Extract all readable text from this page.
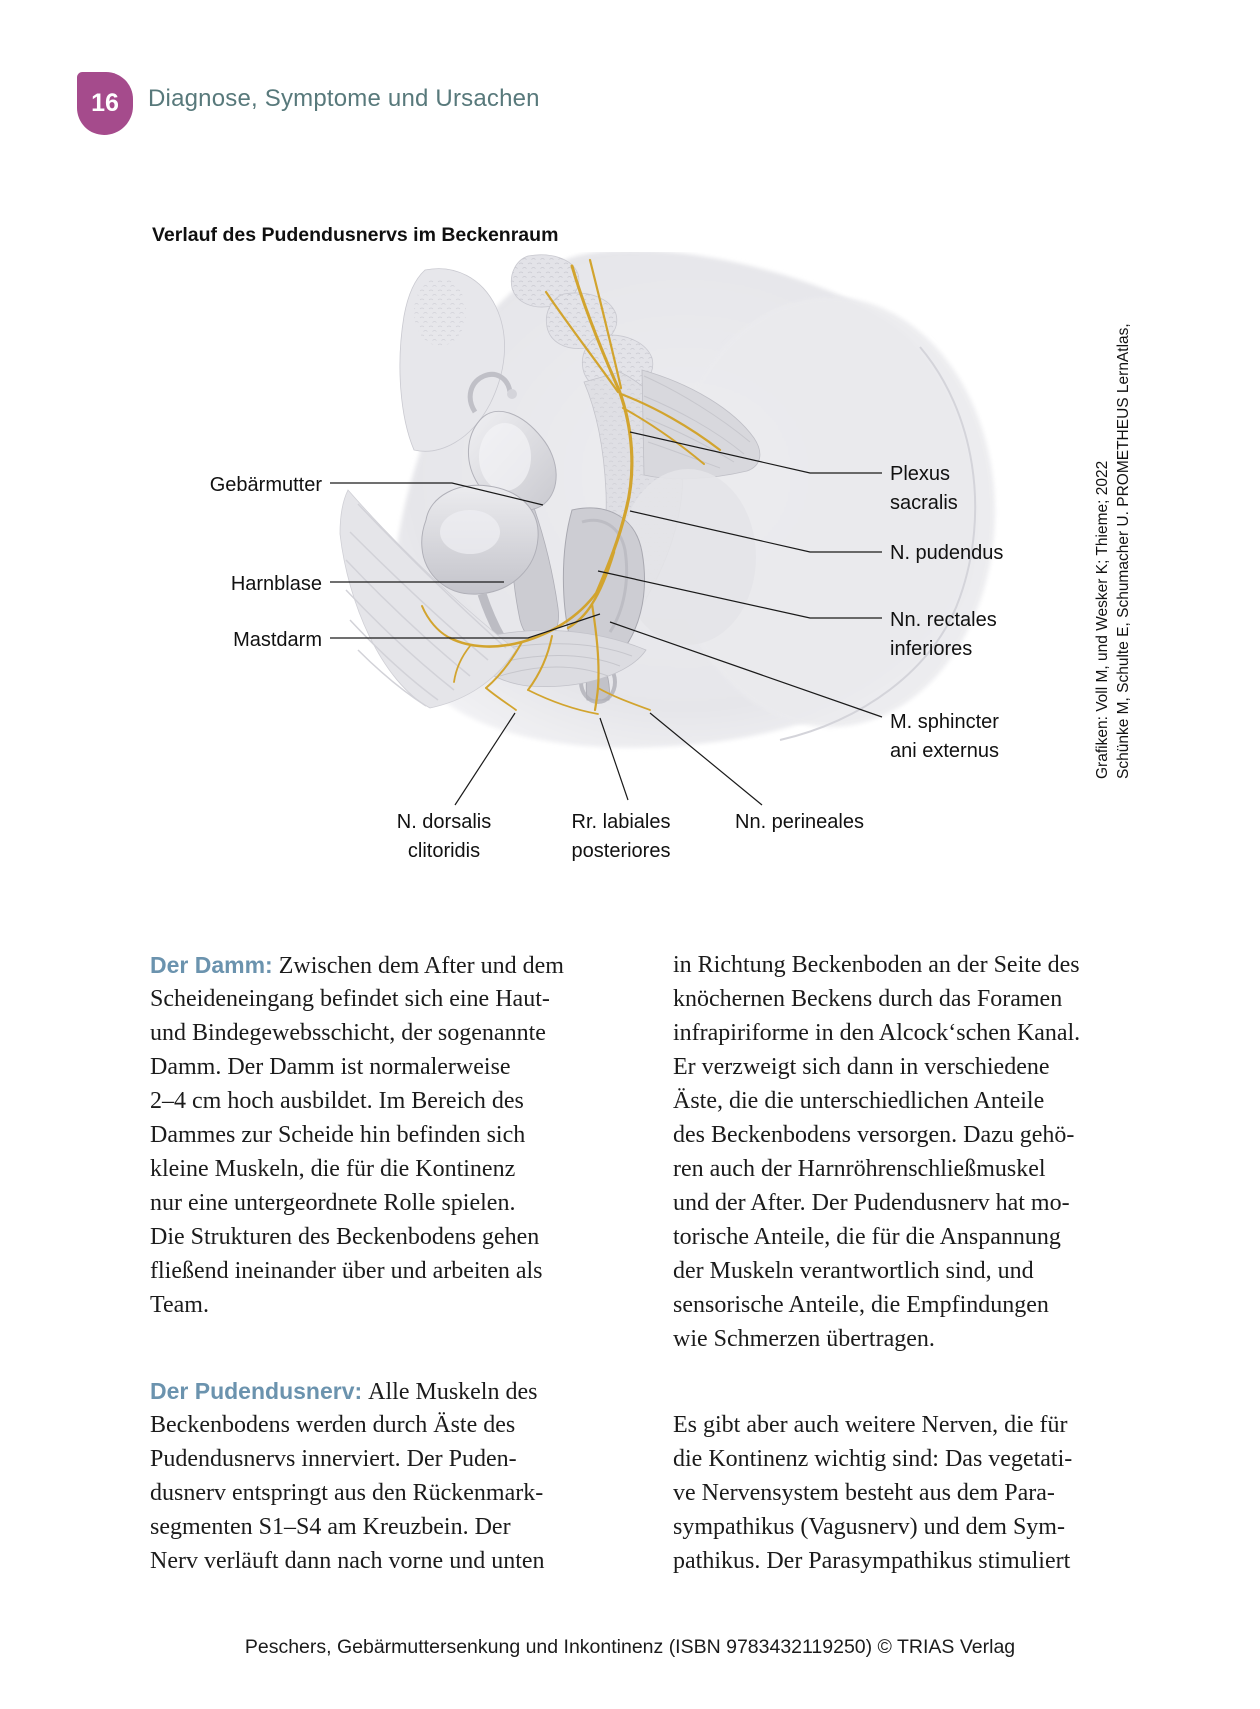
16 Diagnose, Symptome und Ursachen
Verlauf des Pudendusnervs im Beckenraum
Gebärmutter
Harnblase
Mastdarm
Plexus
sacralis
N. pudendus
Nn. rectales
inferiores
M. sphincter
ani externus
N. dorsalis
clitoridis
Rr. labiales
posteriores
Nn. perineales
Grafiken: Voll M, und Wesker K; Thieme; 2022 Schünke M, Schulte E, Schumacher U. PROMETHEUS LernAtlas,
Der Damm: Zwischen dem After und dem
Scheideneingang befindet sich eine Haut-
und Bindegewebsschicht, der sogenannte
Damm. Der Damm ist normalerweise
2–4 cm hoch ausbildet. Im Bereich des
Dammes zur Scheide hin befinden sich
kleine Muskeln, die für die Kontinenz
nur eine untergeordnete Rolle spielen.
Die Strukturen des Beckenbodens gehen
fließend ineinander über und arbeiten als
Team.
Der Pudendusnerv: Alle Muskeln des
Beckenbodens werden durch Äste des
Pudendusnervs innerviert. Der Puden-
dusnerv entspringt aus den Rückenmark-
segmenten S1–S4 am Kreuzbein. Der
Nerv verläuft dann nach vorne und unten
in Richtung Beckenboden an der Seite des
knöchernen Beckens durch das Foramen
infrapiriforme in den Alcock‘schen Kanal.
Er verzweigt sich dann in verschiedene
Äste, die die unterschiedlichen Anteile
des Beckenbodens versorgen. Dazu gehö-
ren auch der Harnröhrenschließmuskel
und der After. Der Pudendusnerv hat mo-
torische Anteile, die für die Anspannung
der Muskeln verantwortlich sind, und
sensorische Anteile, die Empfindungen
wie Schmerzen übertragen.
Es gibt aber auch weitere Nerven, die für
die Kontinenz wichtig sind: Das vegetati-
ve Nervensystem besteht aus dem Para-
sympathikus (Vagusnerv) und dem Sym-
pathikus. Der Parasympathikus stimuliert
Peschers, Gebärmuttersenkung und Inkontinenz (ISBN 9783432119250) © TRIAS Verlag
